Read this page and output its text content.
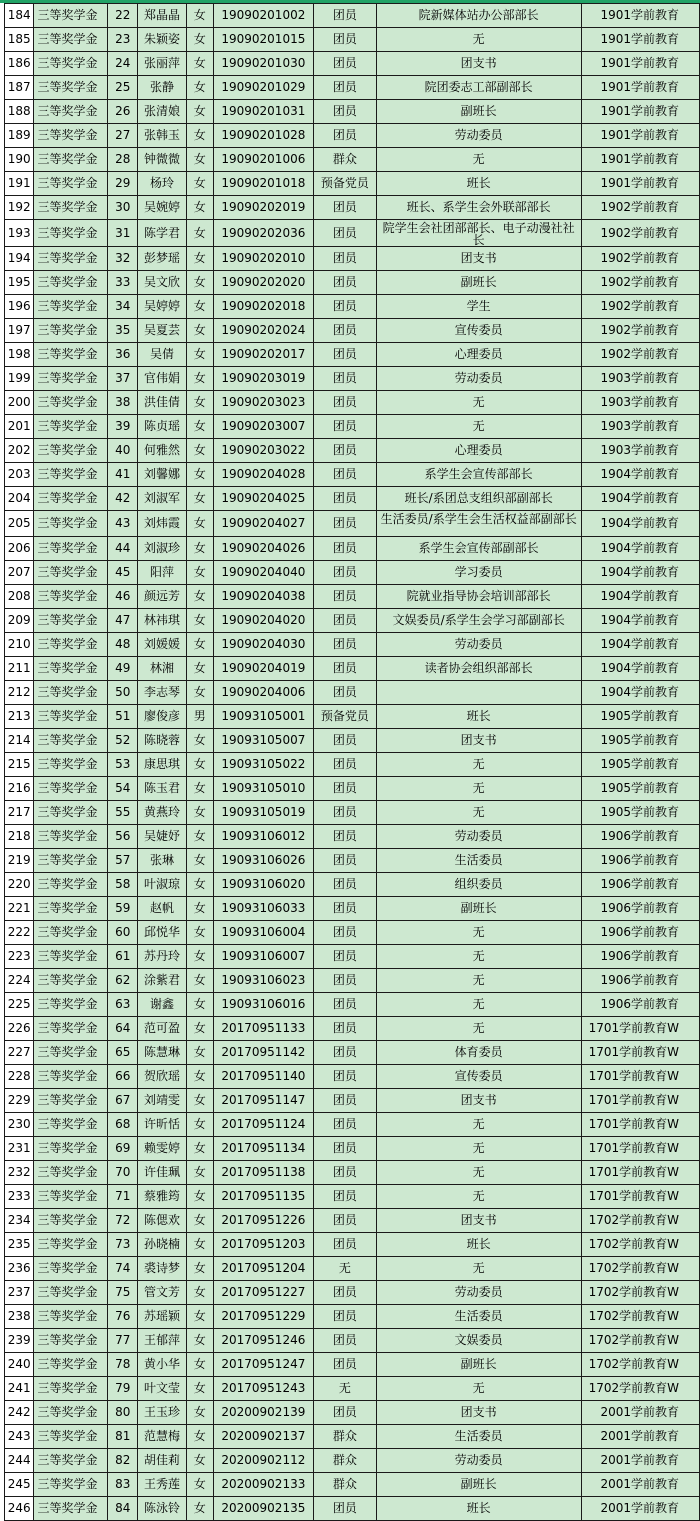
184	三等奖学金	22	郑晶晶	女	19090201002	团员	院新媒体站办公部部长	1901学前教育
185	三等奖学金	23	朱颖姿	女	19090201015	团员	无	1901学前教育
186	三等奖学金	24	张丽萍	女	19090201030	团员	团支书	1901学前教育
187	三等奖学金	25	张静	女	19090201029	团员	院团委志工部副部长	1901学前教育
188	三等奖学金	26	张清娘	女	19090201031	团员	副班长	1901学前教育
189	三等奖学金	27	张韩玉	女	19090201028	团员	劳动委员	1901学前教育
190	三等奖学金	28	钟微微	女	19090201006	群众	无	1901学前教育
191	三等奖学金	29	杨玲	女	19090201018	预备党员	班长	1901学前教育
192	三等奖学金	30	吴婉婷	女	19090202019	团员	班长、系学生会外联部部长	1902学前教育
193	三等奖学金	31	陈学君	女	19090202036	团员	院学生会社团部部长、电子动漫社社长	1902学前教育
194	三等奖学金	32	彭梦瑶	女	19090202010	团员	团支书	1902学前教育
195	三等奖学金	33	吴文欣	女	19090202020	团员	副班长	1902学前教育
196	三等奖学金	34	吴婷婷	女	19090202018	团员	学生	1902学前教育
197	三等奖学金	35	吴夏芸	女	19090202024	团员	宣传委员	1902学前教育
198	三等奖学金	36	吴倩	女	19090202017	团员	心理委员	1902学前教育
199	三等奖学金	37	官伟娟	女	19090203019	团员	劳动委员	1903学前教育
200	三等奖学金	38	洪佳倩	女	19090203023	团员	无	1903学前教育
201	三等奖学金	39	陈贞瑶	女	19090203007	团员	无	1903学前教育
202	三等奖学金	40	何雅然	女	19090203022	团员	心理委员	1903学前教育
203	三等奖学金	41	刘馨娜	女	19090204028	团员	系学生会宣传部部长	1904学前教育
204	三等奖学金	42	刘淑军	女	19090204025	团员	班长/系团总支组织部副部长	1904学前教育
205	三等奖学金	43	刘炜霞	女	19090204027	团员	生活委员/系学生会生活权益部副部长	1904学前教育
206	三等奖学金	44	刘淑珍	女	19090204026	团员	系学生会宣传部副部长	1904学前教育
207	三等奖学金	45	阳萍	女	19090204040	团员	学习委员	1904学前教育
208	三等奖学金	46	颜远芳	女	19090204038	团员	院就业指导协会培训部部长	1904学前教育
209	三等奖学金	47	林祎琪	女	19090204020	团员	文娱委员/系学生会学习部副部长	1904学前教育
210	三等奖学金	48	刘媛媛	女	19090204030	团员	劳动委员	1904学前教育
211	三等奖学金	49	林湘	女	19090204019	团员	读者协会组织部部长	1904学前教育
212	三等奖学金	50	李志琴	女	19090204006	团员		1904学前教育
213	三等奖学金	51	廖俊彦	男	19093105001	预备党员	班长	1905学前教育
214	三等奖学金	52	陈晓蓉	女	19093105007	团员	团支书	1905学前教育
215	三等奖学金	53	康思琪	女	19093105022	团员	无	1905学前教育
216	三等奖学金	54	陈玉君	女	19093105010	团员	无	1905学前教育
217	三等奖学金	55	黄燕玲	女	19093105019	团员	无	1905学前教育
218	三等奖学金	56	吴婕妤	女	19093106012	团员	劳动委员	1906学前教育
219	三等奖学金	57	张琳	女	19093106026	团员	生活委员	1906学前教育
220	三等奖学金	58	叶淑琼	女	19093106020	团员	组织委员	1906学前教育
221	三等奖学金	59	赵帆	女	19093106033	团员	副班长	1906学前教育
222	三等奖学金	60	邱悦华	女	19093106004	团员	无	1906学前教育
223	三等奖学金	61	苏丹玲	女	19093106007	团员	无	1906学前教育
224	三等奖学金	62	涂紫君	女	19093106023	团员	无	1906学前教育
225	三等奖学金	63	谢鑫	女	19093106016	团员	无	1906学前教育
226	三等奖学金	64	范可盈	女	20170951133	团员	无	1701学前教育W
227	三等奖学金	65	陈慧琳	女	20170951142	团员	体育委员	1701学前教育W
228	三等奖学金	66	贺欣瑶	女	20170951140	团员	宣传委员	1701学前教育W
229	三等奖学金	67	刘靖雯	女	20170951147	团员	团支书	1701学前教育W
230	三等奖学金	68	许昕恬	女	20170951124	团员	无	1701学前教育W
231	三等奖学金	69	赖雯婷	女	20170951134	团员	无	1701学前教育W
232	三等奖学金	70	许佳珮	女	20170951138	团员	无	1701学前教育W
233	三等奖学金	71	蔡雅筠	女	20170951135	团员	无	1701学前教育W
234	三等奖学金	72	陈偲欢	女	20170951226	团员	团支书	1702学前教育W
235	三等奖学金	73	孙晓楠	女	20170951203	团员	班长	1702学前教育W
236	三等奖学金	74	裘诗梦	女	20170951204	无	无	1702学前教育W
237	三等奖学金	75	管文芳	女	20170951227	团员	劳动委员	1702学前教育W
238	三等奖学金	76	苏瑶颖	女	20170951229	团员	生活委员	1702学前教育W
239	三等奖学金	77	王郁萍	女	20170951246	团员	文娱委员	1702学前教育W
240	三等奖学金	78	黄小华	女	20170951247	团员	副班长	1702学前教育W
241	三等奖学金	79	叶文莹	女	20170951243	无	无	1702学前教育W
242	三等奖学金	80	王玉珍	女	20200902139	团员	团支书	2001学前教育
243	三等奖学金	81	范慧梅	女	20200902137	群众	生活委员	2001学前教育
244	三等奖学金	82	胡佳莉	女	20200902112	群众	劳动委员	2001学前教育
245	三等奖学金	83	王秀莲	女	20200902133	群众	副班长	2001学前教育
246	三等奖学金	84	陈泳铃	女	20200902135	团员	班长	2001学前教育
